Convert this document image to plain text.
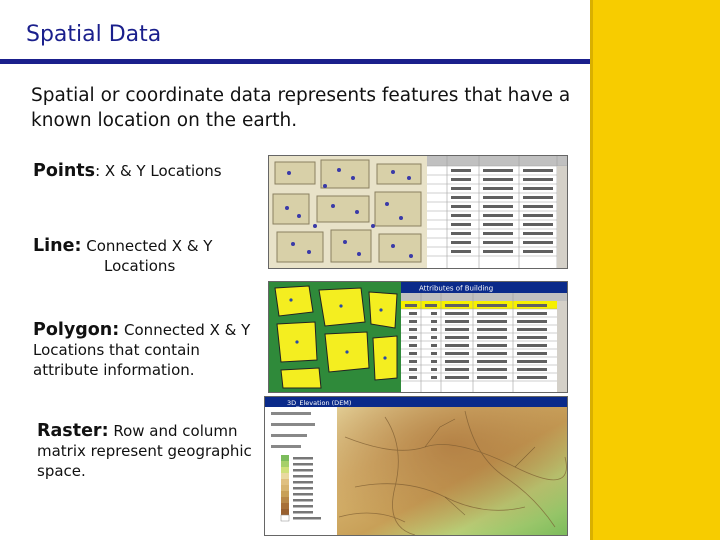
Spatial Data
Spatial or coordinate data represents features that have a known location on the earth.
Points: X & Y Locations
Line: Connected X & Y
Locations
Polygon: Connected X & Y Locations that contain attribute information.
Raster: Row and column matrix represent geographic space.
Attributes of Building
3D_Elevation (DEM)
